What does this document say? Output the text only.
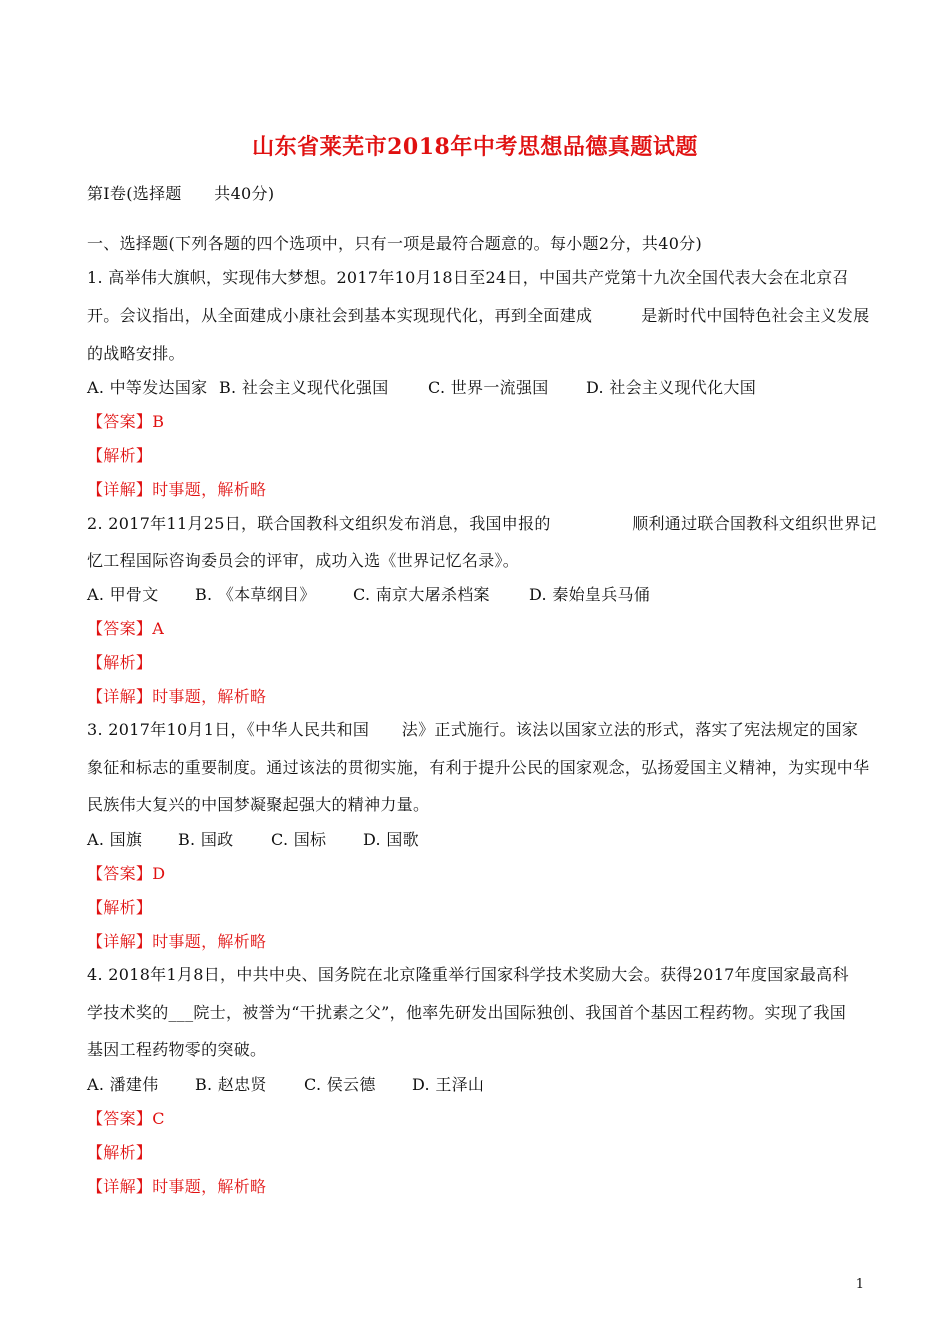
山东省莱芜市2018年中考思想品德真题试题
第Ⅰ卷(选择题　　共40分)
一、选择题(下列各题的四个选项中，只有一项是最符合题意的。每小题2分，共40分)
1. 高举伟大旗帜，实现伟大梦想。2017年10月18日至24日，中国共产党第十九次全国代表大会在北京召
开。会议指出，从全面建成小康社会到基本实现现代化，再到全面建成　　　是新时代中国特色社会主义发展
的战略安排。
A. 中等发达国家 B. 社会主义现代化强国 C. 世界一流强国 D. 社会主义现代化大国
【答案】B
【解析】
【详解】时事题，解析略
2. 2017年11月25日，联合国教科文组织发布消息，我国申报的　　　　　顺利通过联合国教科文组织世界记
忆工程国际咨询委员会的评审，成功入选《世界记忆名录》。
A. 甲骨文 B. 《本草纲目》 C. 南京大屠杀档案 D. 秦始皇兵马俑
【答案】A
【解析】
【详解】时事题，解析略
3. 2017年10月1日，《中华人民共和国　　法》正式施行。该法以国家立法的形式，落实了宪法规定的国家
象征和标志的重要制度。通过该法的贯彻实施，有利于提升公民的国家观念，弘扬爱国主义精神，为实现中华
民族伟大复兴的中国梦凝聚起强大的精神力量。
A. 国旗 B. 国政 C. 国标 D. 国歌
【答案】D
【解析】
【详解】时事题，解析略
4. 2018年1月8日，中共中央、国务院在北京隆重举行国家科学技术奖励大会。获得2017年度国家最高科
学技术奖的___院士，被誉为“干扰素之父”，他率先研发出国际独创、我国首个基因工程药物。实现了我国
基因工程药物零的突破。
A. 潘建伟 B. 赵忠贤 C. 侯云德 D. 王泽山
【答案】C
【解析】
【详解】时事题，解析略
1
